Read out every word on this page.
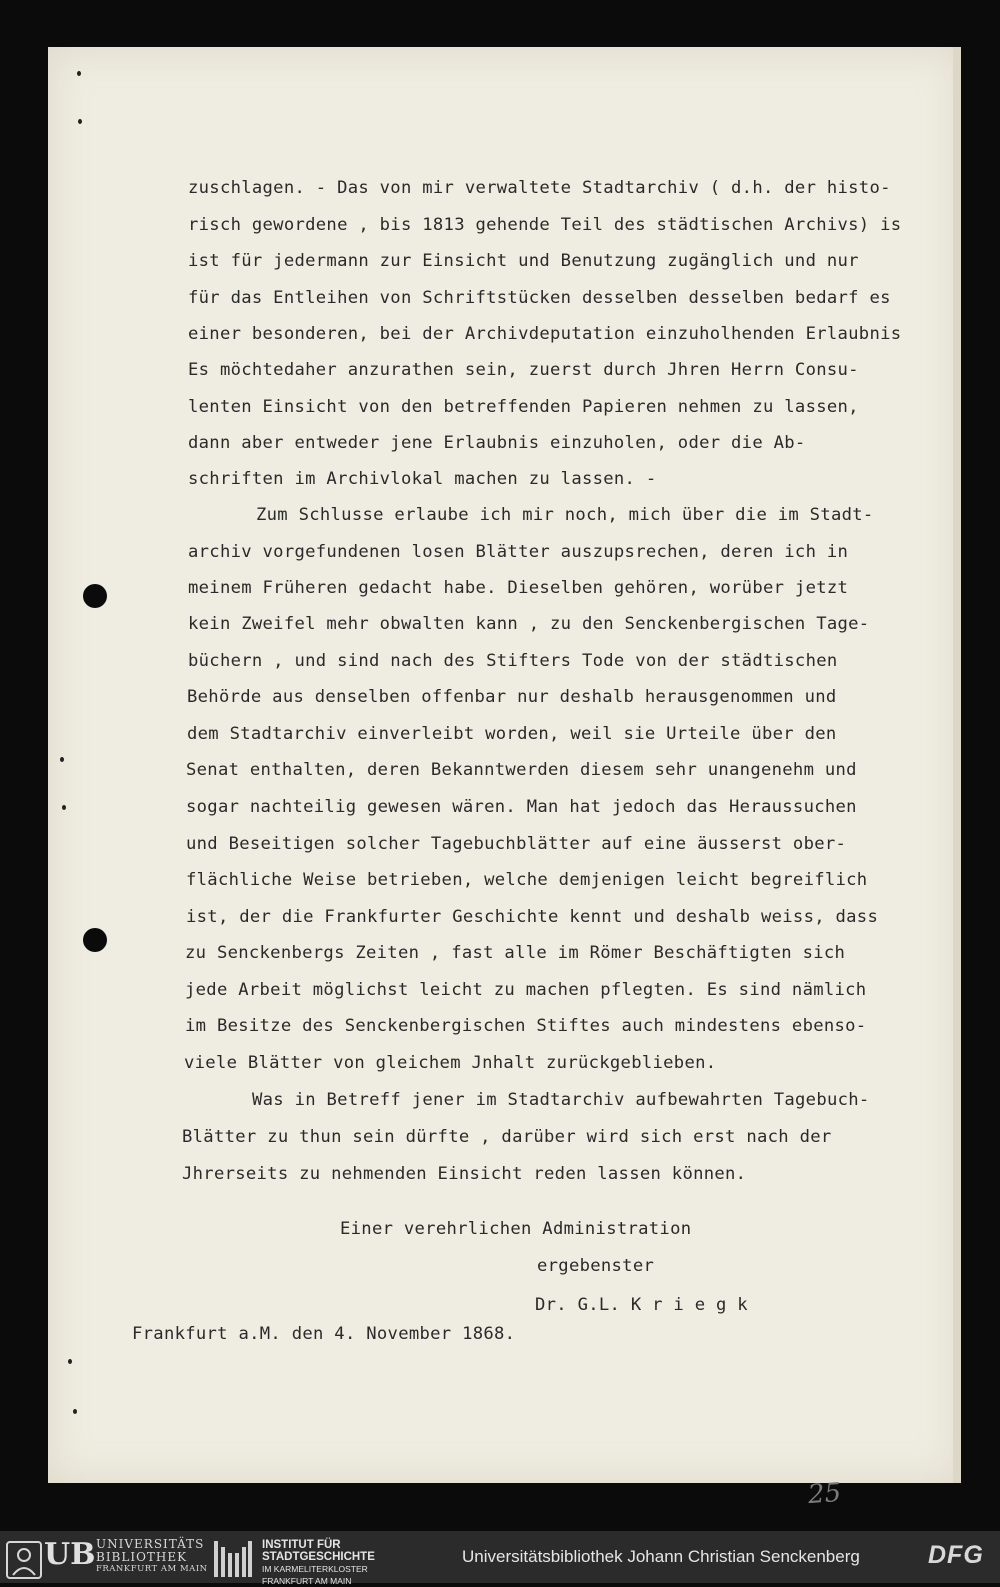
zuschlagen. - Das von mir verwaltete Stadtarchiv ( d.h. der histo-
risch gewordene , bis 1813 gehende Teil des städtischen Archivs) is
ist für jedermann zur Einsicht und Benutzung zugänglich und nur
für das Entleihen von Schriftstücken desselben desselben bedarf es
einer besonderen, bei der Archivdeputation einzuholhenden Erlaubnis
Es möchtedaher anzurathen sein, zuerst durch Jhren Herrn Consu-
lenten Einsicht von den betreffenden Papieren nehmen zu lassen,
dann aber entweder jene Erlaubnis einzuholen, oder die Ab-
schriften im Archivlokal machen zu lassen. -
Zum Schlusse erlaube ich mir noch, mich über die im Stadt-
archiv vorgefundenen losen Blätter auszupsrechen, deren ich in
meinem Früheren gedacht habe. Dieselben gehören, worüber jetzt
kein Zweifel mehr obwalten kann , zu den Senckenbergischen Tage-
büchern , und sind nach des Stifters Tode von der städtischen
Behörde aus denselben offenbar nur deshalb herausgenommen und
dem Stadtarchiv einverleibt worden, weil sie Urteile über den
Senat enthalten, deren Bekanntwerden diesem sehr unangenehm und
sogar nachteilig gewesen wären. Man hat jedoch das Heraussuchen
und Beseitigen solcher Tagebuchblätter auf eine äusserst ober-
flächliche Weise betrieben, welche demjenigen leicht begreiflich
ist, der die Frankfurter Geschichte kennt und deshalb weiss, dass
zu Senckenbergs Zeiten , fast alle im Römer Beschäftigten sich
jede Arbeit möglichst leicht zu machen pflegten. Es sind nämlich
im Besitze des Senckenbergischen Stiftes auch mindestens ebenso-
viele Blätter von gleichem Jnhalt zurückgeblieben.
Was in Betreff jener im Stadtarchiv aufbewahrten Tagebuch-
Blätter zu thun sein dürfte , darüber wird sich erst nach der
Jhrerseits zu nehmenden Einsicht reden lassen können.
Einer verehrlichen Administration
ergebenster
Dr. G.L. K r i e g k
Frankfurt a.M. den 4. November 1868.
25
UB UNIVERSITÄTS
BIBLIOTHEK
FRANKFURT AM MAIN
INSTITUT FÜR
STADTGESCHICHTE
IM KARMELITERKLOSTER
FRANKFURT AM MAIN
Universitätsbibliothek Johann Christian Senckenberg	DFG
